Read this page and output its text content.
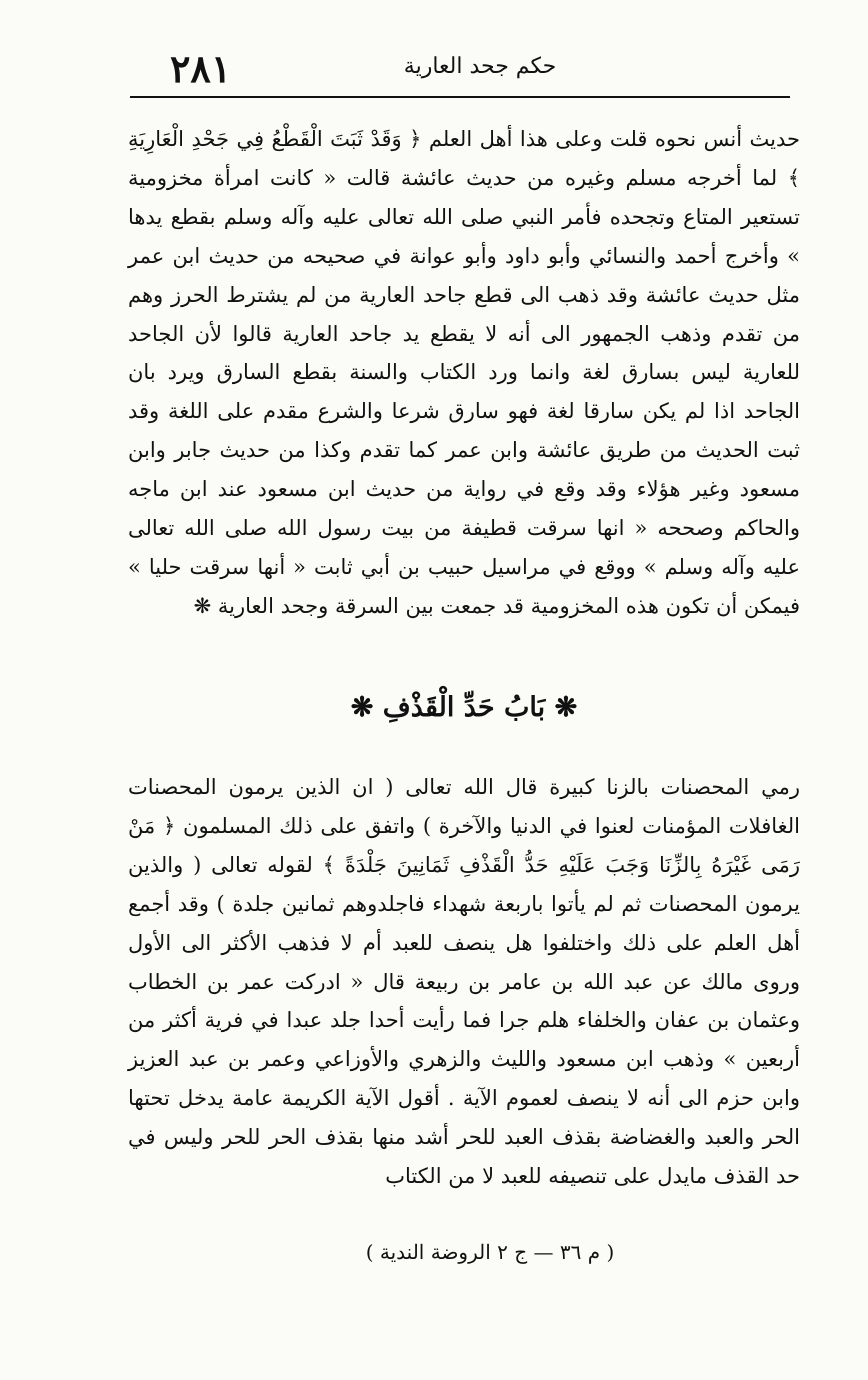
٢٨١	حكم جحد العارية
حديث أنس نحوه قلت وعلى هذا أهل العلم ﴿ وَقَدْ ثَبَتَ الْقَطْعُ فِي جَحْدِ الْعَارِيَةِ ﴾ لما أخرجه مسلم وغيره من حديث عائشة قالت « كانت امرأة مخزومية تستعير المتاع وتجحده فأمر النبي صلى الله تعالى عليه وآله وسلم بقطع يدها » وأخرج أحمد والنسائي وأبو داود وأبو عوانة في صحيحه من حديث ابن عمر مثل حديث عائشة وقد ذهب الى قطع جاحد العارية من لم يشترط الحرز وهم من تقدم وذهب الجمهور الى أنه لا يقطع يد جاحد العارية قالوا لأن الجاحد للعارية ليس بسارق لغة وانما ورد الكتاب والسنة بقطع السارق ويرد بان الجاحد اذا لم يكن سارقا لغة فهو سارق شرعا والشرع مقدم على اللغة وقد ثبت الحديث من طريق عائشة وابن عمر كما تقدم وكذا من حديث جابر وابن مسعود وغير هؤلاء وقد وقع في رواية من حديث ابن مسعود عند ابن ماجه والحاكم وصححه « انها سرقت قطيفة من بيت رسول الله صلى الله تعالى عليه وآله وسلم » ووقع في مراسيل حبيب بن أبي ثابت « أنها سرقت حليا » فيمكن أن تكون هذه المخزومية قد جمعت بين السرقة وجحد العارية ❋
❋ بَابُ حَدِّ الْقَذْفِ ❋
رمي المحصنات بالزنا كبيرة قال الله تعالى ( ان الذين يرمون المحصنات الغافلات المؤمنات لعنوا في الدنيا والآخرة ) واتفق على ذلك المسلمون ﴿ مَنْ رَمَى غَيْرَهُ بِالزِّنَا وَجَبَ عَلَيْهِ حَدُّ الْقَذْفِ ثَمَانِينَ جَلْدَةً ﴾ لقوله تعالى ( والذين يرمون المحصنات ثم لم يأتوا باربعة شهداء فاجلدوهم ثمانين جلدة ) وقد أجمع أهل العلم على ذلك واختلفوا هل ينصف للعبد أم لا فذهب الأكثر الى الأول وروى مالك عن عبد الله بن عامر بن ربيعة قال « ادركت عمر بن الخطاب وعثمان بن عفان والخلفاء هلم جرا فما رأيت أحدا جلد عبدا في فرية أكثر من أربعين » وذهب ابن مسعود والليث والزهري والأوزاعي وعمر بن عبد العزيز وابن حزم الى أنه لا ينصف لعموم الآية . أقول الآية الكريمة عامة يدخل تحتها الحر والعبد والغضاضة بقذف العبد للحر أشد منها بقذف الحر للحر وليس في حد القذف مايدل على تنصيفه للعبد لا من الكتاب
( م ٣٦ — ج ٢ الروضة الندية )
